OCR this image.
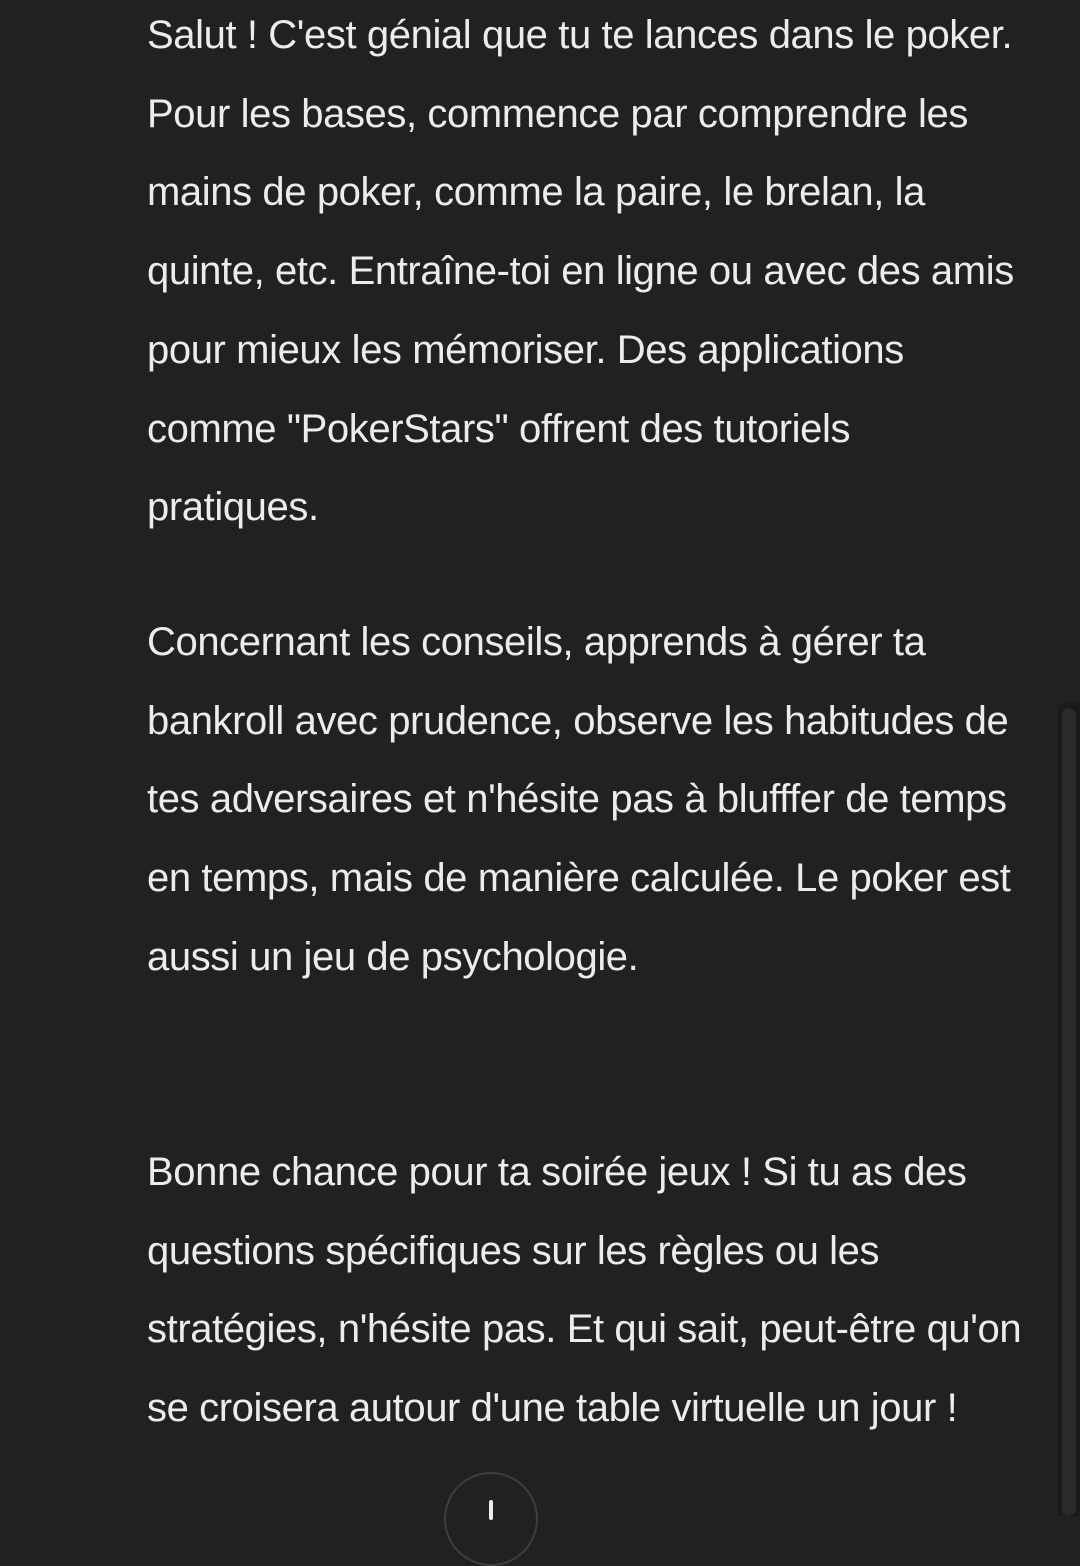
Salut ! C'est génial que tu te lances dans le poker. Pour les bases, commence par comprendre les mains de poker, comme la paire, le brelan, la quinte, etc. Entraîne-toi en ligne ou avec des amis pour mieux les mémoriser. Des applications comme "PokerStars" offrent des tutoriels pratiques.

Concernant les conseils, apprends à gérer ta bankroll avec prudence, observe les habitudes de tes adversaires et n'hésite pas à blufffer de temps en temps, mais de manière calculée. Le poker est aussi un jeu de psychologie.

Bonne chance pour ta soirée jeux ! Si tu as des questions spécifiques sur les règles ou les stratégies, n'hésite pas. Et qui sait, peut-être qu'on se croisera autour d'une table virtuelle un jour !
